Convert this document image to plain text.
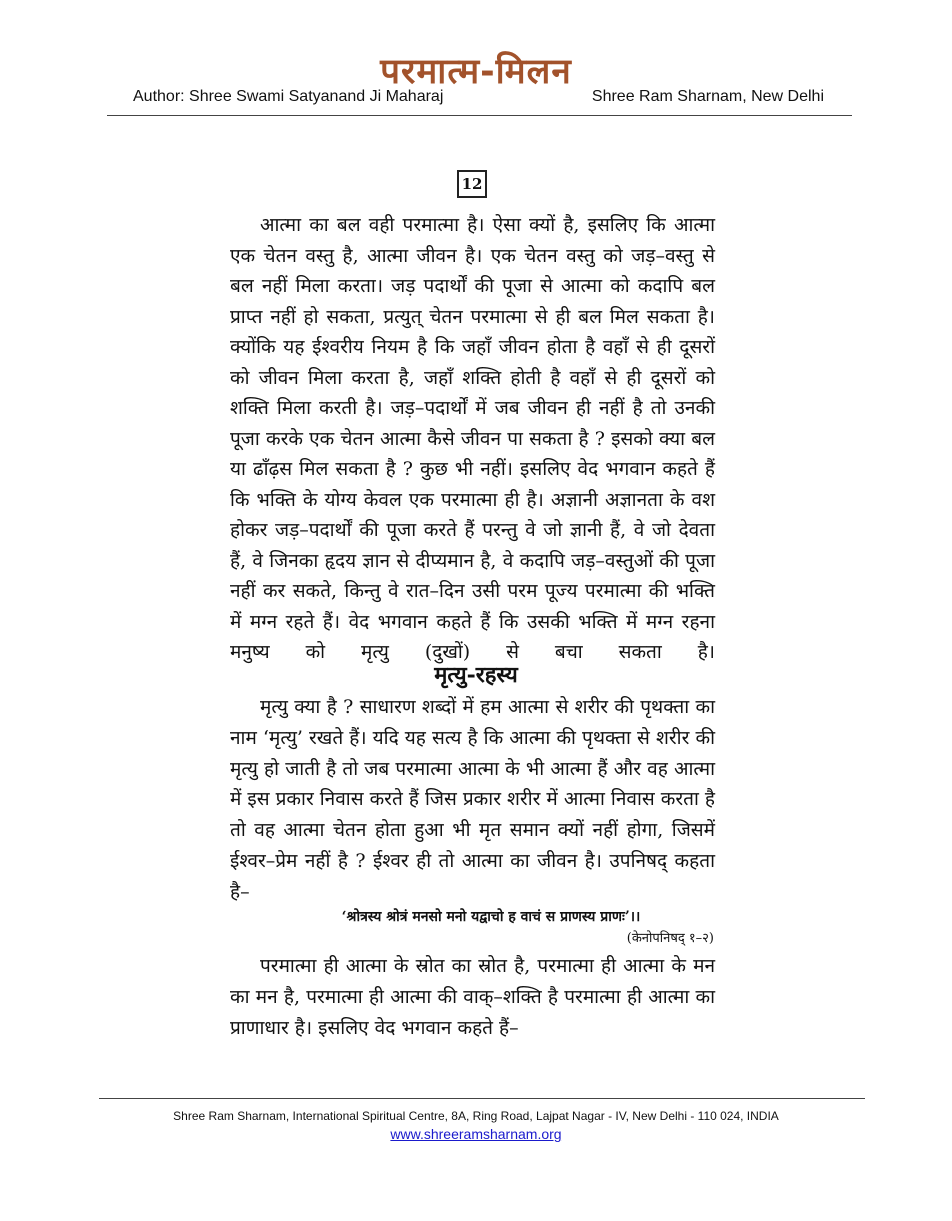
परमात्म-मिलन
Author: Shree Swami Satyanand Ji Maharaj	Shree Ram Sharnam, New Delhi
12

आत्मा का बल वही परमात्मा है। ऐसा क्यों है, इसलिए कि आत्मा एक चेतन वस्तु है, आत्मा जीवन है। एक चेतन वस्तु को जड़–वस्तु से बल नहीं मिला करता। जड़ पदार्थों की पूजा से आत्मा को कदापि बल प्राप्त नहीं हो सकता, प्रत्युत् चेतन परमात्मा से ही बल मिल सकता है। क्योंकि यह ईश्वरीय नियम है कि जहाँ जीवन होता है वहाँ से ही दूसरों को जीवन मिला करता है, जहाँ शक्ति होती है वहाँ से ही दूसरों को शक्ति मिला करती है। जड़–पदार्थों में जब जीवन ही नहीं है तो उनकी पूजा करके एक चेतन आत्मा कैसे जीवन पा सकता है ? इसको क्या बल या ढाँढ़स मिल सकता है ? कुछ भी नहीं। इसलिए वेद भगवान कहते हैं कि भक्ति के योग्य केवल एक परमात्मा ही है। अज्ञानी अज्ञानता के वश होकर जड़–पदार्थों की पूजा करते हैं परन्तु वे जो ज्ञानी हैं, वे जो देवता हैं, वे जिनका हृदय ज्ञान से दीप्यमान है, वे कदापि जड़–वस्तुओं की पूजा नहीं कर सकते, किन्तु वे रात–दिन उसी परम पूज्य परमात्मा की भक्ति में मग्न रहते हैं। वेद भगवान कहते हैं कि उसकी भक्ति में मग्न रहना मनुष्य को मृत्यु (दुखों) से बचा सकता है।

मृत्यु-रहस्य

मृत्यु क्या है ? साधारण शब्दों में हम आत्मा से शरीर की पृथक्ता का नाम ‘मृत्यु’ रखते हैं। यदि यह सत्य है कि आत्मा की पृथक्ता से शरीर की मृत्यु हो जाती है तो जब परमात्मा आत्मा के भी आत्मा हैं और वह आत्मा में इस प्रकार निवास करते हैं जिस प्रकार शरीर में आत्मा निवास करता है तो वह आत्मा चेतन होता हुआ भी मृत समान क्यों नहीं होगा, जिसमें ईश्वर–प्रेम नहीं है ? ईश्वर ही तो आत्मा का जीवन है। उपनिषद् कहता है–

‘श्रोत्रस्य श्रोत्रं मनसो मनो यद्वाचो ह वाचं स प्राणस्य प्राणः’।।
(केनोपनिषद् १–२)

परमात्मा ही आत्मा के स्रोत का स्रोत है, परमात्मा ही आत्मा के मन का मन है, परमात्मा ही आत्मा की वाक्–शक्ति है परमात्मा ही आत्मा का प्राणाधार है। इसलिए वेद भगवान कहते हैं–

Shree Ram Sharnam, International Spiritual Centre, 8A, Ring Road, Lajpat Nagar - IV, New Delhi - 110 024, INDIA
www.shreeramsharnam.org
